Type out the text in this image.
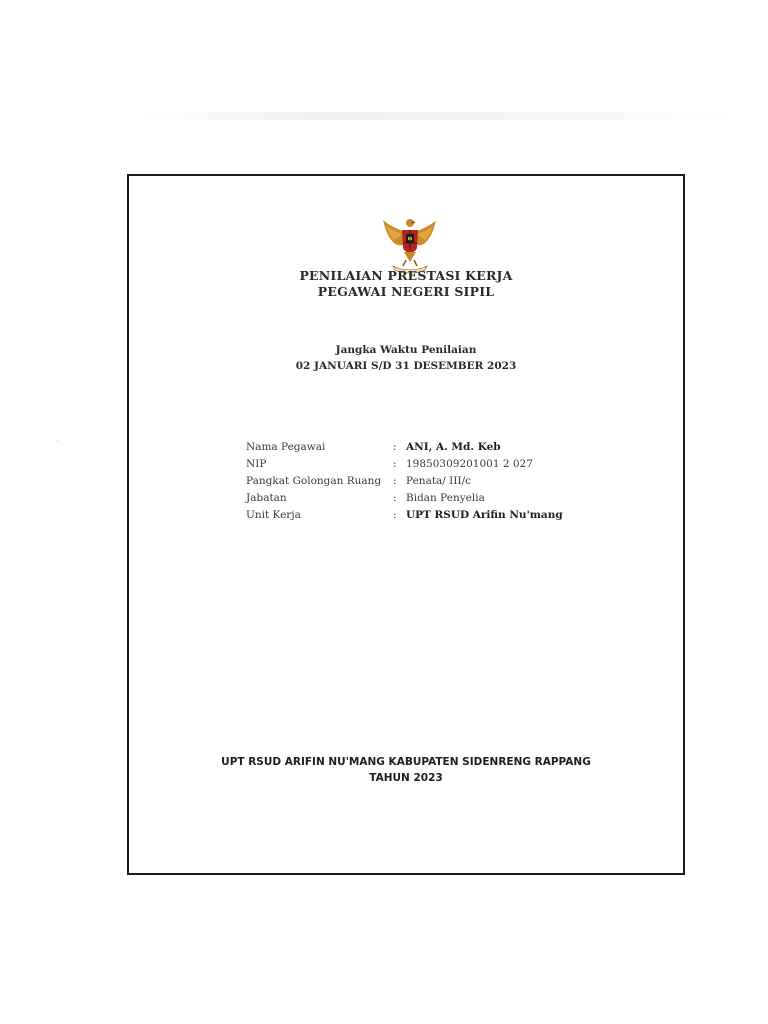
·
PENILAIAN PRESTASI KERJA
PEGAWAI NEGERI SIPIL
Jangka Waktu Penilaian
02 JANUARI S/D 31 DESEMBER 2023
Nama Pegawai	: ANI, A. Md. Keb
NIP	: 19850309201001 2 027
Pangkat Golongan Ruang	: Penata/ III/c
Jabatan	: Bidan Penyelia
Unit Kerja	: UPT RSUD Arifin Nu'mang
UPT RSUD ARIFIN NU'MANG KABUPATEN SIDENRENG RAPPANG
TAHUN 2023
